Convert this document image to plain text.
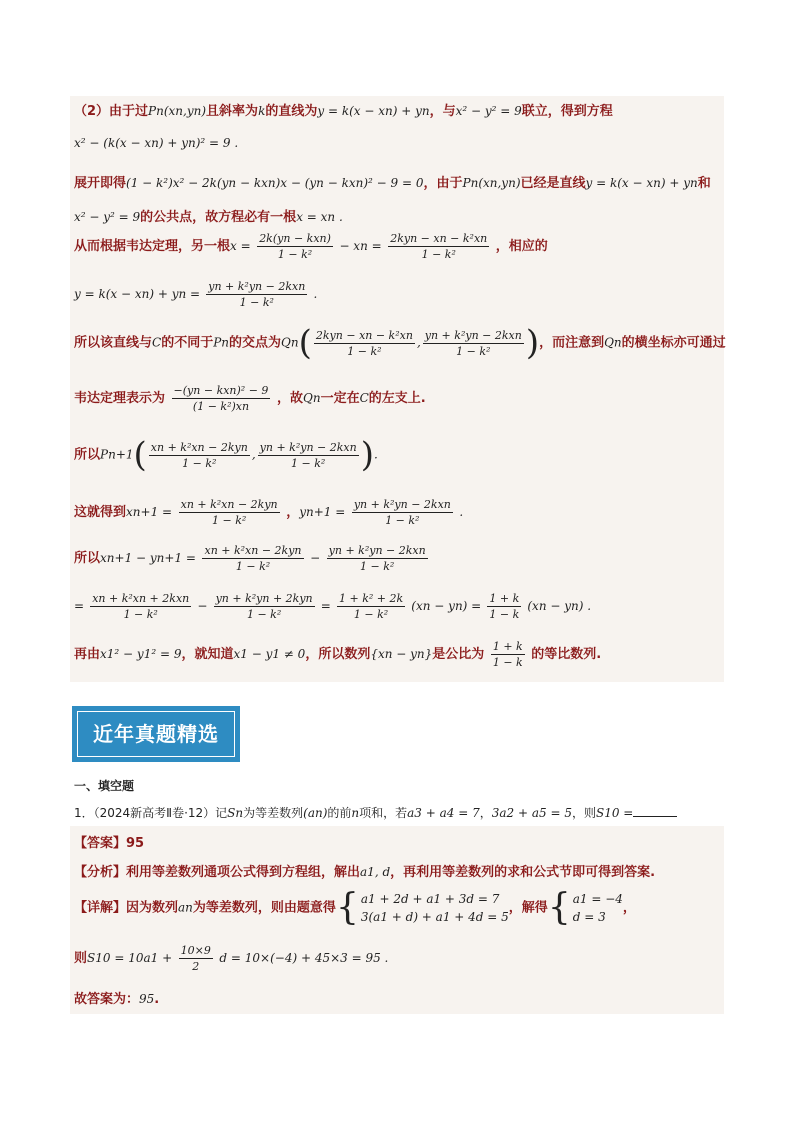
（2）由于过Pn(xn,yn)且斜率为k的直线为y = k(x − xn) + yn，与x² − y² = 9联立，得到方程
x² − (k(x − xn) + yn)² = 9 .
展开即得(1 − k²)x² − 2k(yn − kxn)x − (yn − kxn)² − 9 = 0，由于Pn(xn,yn)已经是直线y = k(x − xn) + yn和
x² − y² = 9的公共点，故方程必有一根x = xn .
从而根据韦达定理，另一根$x = \frac{\text{2k(yn − kxn)}}{\text{1 − k²}}$ − xn = $\frac{\text{2kyn − xn − k²xn}}{\text{1 − k²}}$ ，相应的
y = k(x − xn) + yn = $\frac{\text{yn + k²yn − 2kxn}}{\text{1 − k²}}$ .
所以该直线与C的不同于Pn的交点为$Qn( \frac{\text{2kyn − xn − k²xn}}{\text{1 − k²}}$ , $\frac{\text{yn + k²yn − 2kxn}}{\text{1 − k²}}$ )，而注意到Qn的横坐标亦可通过
韦达定理表示为 $\frac{\text{−(yn − kxn)² − 9}}{\text{(1 − k²)xn}}$ ，故Qn一定在C的左支上.
所以$Pn+1( \frac{\text{xn + k²xn − 2kyn}}{\text{1 − k²}}$ , $\frac{\text{yn + k²yn − 2kxn}}{\text{1 − k²}}$ ).
这就得到$xn+1 = \frac{\text{xn + k²xn − 2kyn}}{\text{1 − k²}}$ ，$yn+1 = \frac{\text{yn + k²yn − 2kxn}}{\text{1 − k²}}$ .
所以$xn+1 - yn+1 = \frac{\text{xn + k²xn − 2kyn}}{\text{1 − k²}} - \frac{\text{yn + k²yn − 2kxn}}{\text{1 − k²}}$
= $\frac{\text{xn + k²xn + 2kxn}}{\text{1 − k²}} - \frac{\text{yn + k²yn + 2kyn}}{\text{1 − k²}} = \frac{\text{1 + k² + 2k}}{\text{1 − k²}} (xn - yn) = \frac{1 + k}{1 - k} (xn - yn)$ .
再由x1² − y1² = 9，就知道x1 − y1 ≠ 0，所以数列{xn − yn}是公比为 $\frac{1 + k}{1 - k}$ 的等比数列.
近年真题精选
一、填空题
1．（2024新高考Ⅱ卷·12）记Sn为等差数列(an)的前n项和，若a3 + a4 = 7，3a2 + a5 = 5，则S10 =
【答案】95
【分析】利用等差数列通项公式得到方程组，解出a1, d，再利用等差数列的求和公式节即可得到答案.
【详解】因为数列an为等差数列，则由题意得{ a1 + 2d + a1 + 3d = 7
3(a1 + d) + a1 + 4d = 5
，解得{ a1 = −4
d = 3
，
则$S10 = 10a1 + \frac{10\times 9}{2}$ d = 10×(−4) + 45×3 = 95 .
故答案为：95.
